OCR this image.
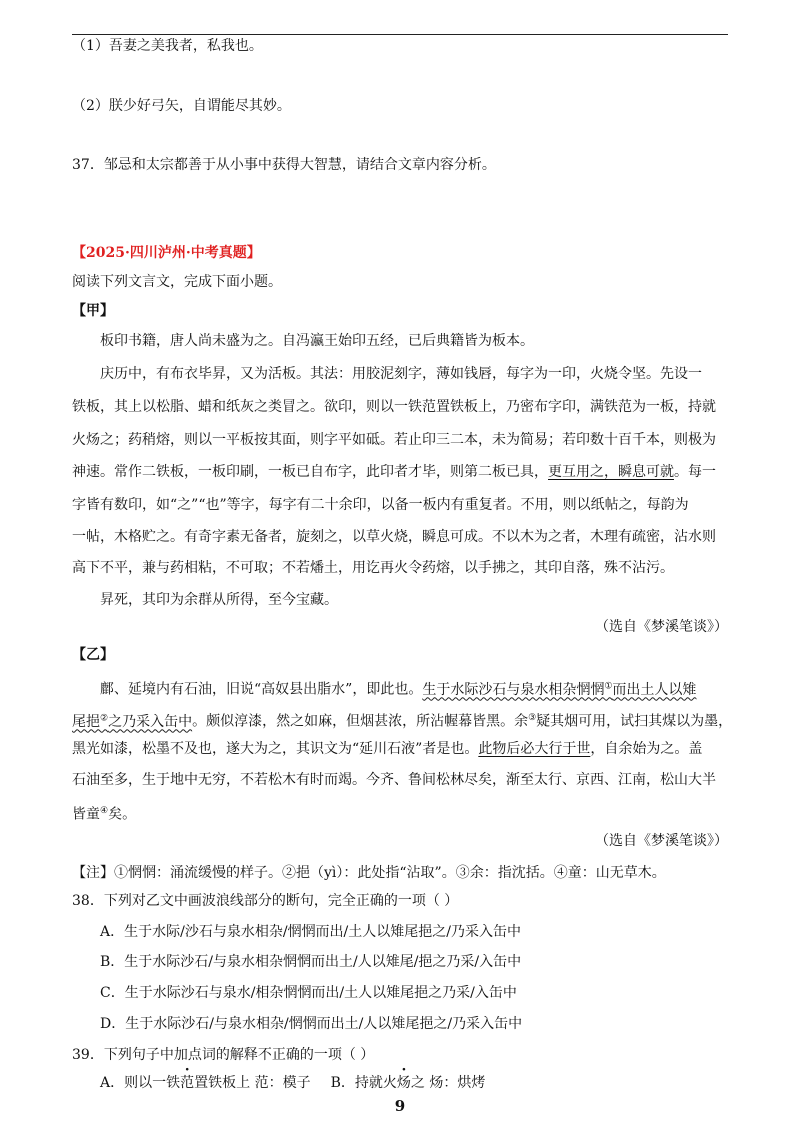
（1）吾妻之美我者，私我也。
（2）朕少好弓矢，自谓能尽其妙。
37．邹忌和太宗都善于从小事中获得大智慧，请结合文章内容分析。
【2025·四川泸州·中考真题】
阅读下列文言文，完成下面小题。
【甲】
板印书籍，唐人尚未盛为之。自冯瀛王始印五经，已后典籍皆为板本。
庆历中，有布衣毕昇，又为活板。其法：用胶泥刻字，薄如钱唇，每字为一印，火烧令坚。先设一
铁板，其上以松脂、蜡和纸灰之类冒之。欲印，则以一铁范置铁板上，乃密布字印，满铁范为一板，持就
火炀之；药稍熔，则以一平板按其面，则字平如砥。若止印三二本，未为简易；若印数十百千本，则极为
神速。常作二铁板，一板印刷，一板已自布字，此印者才毕，则第二板已具，更互用之，瞬息可就。每一
字皆有数印，如“之”“也”等字，每字有二十余印，以备一板内有重复者。不用，则以纸帖之，每韵为
一帖，木格贮之。有奇字素无备者，旋刻之，以草火烧，瞬息可成。不以木为之者，木理有疏密，沾水则
高下不平，兼与药相粘，不可取；不若燔土，用讫再火令药熔，以手拂之，其印自落，殊不沾污。
昇死，其印为余群从所得，至今宝藏。
（选自《梦溪笔谈》）
【乙】
鄜、延境内有石油，旧说“高奴县出脂水”，即此也。生于水际沙石与泉水相杂惘惘①而出土人以雉
尾挹②之乃采入缶中。颇似淳漆，然之如麻，但烟甚浓，所沾幄幕皆黑。余③疑其烟可用，试扫其煤以为墨，
黑光如漆，松墨不及也，遂大为之，其识文为“延川石液”者是也。此物后必大行于世，自余始为之。盖
石油至多，生于地中无穷，不若松木有时而竭。今齐、鲁间松林尽矣，渐至太行、京西、江南，松山大半
皆童④矣。
（选自《梦溪笔谈》）
【注】①惘惘：涌流缓慢的样子。②挹（yì）：此处指“沾取”。③余：指沈括。④童：山无草木。
38．下列对乙文中画波浪线部分的断句，完全正确的一项（ ）
A．生于水际/沙石与泉水相杂/惘惘而出/土人以雉尾挹之/乃采入缶中
B．生于水际沙石/与泉水相杂惘惘而出土/人以雉尾/挹之乃采/入缶中
C．生于水际沙石与泉水/相杂惘惘而出/土人以雉尾挹之乃采/入缶中
D．生于水际沙石/与泉水相杂/惘惘而出土/人以雉尾挹之/乃采入缶中
39．下列句子中加点词的解释不正确的一项（ ）
A．则以一铁范置铁板上 范：模子 B．持就火炀之 炀：烘烤
9
